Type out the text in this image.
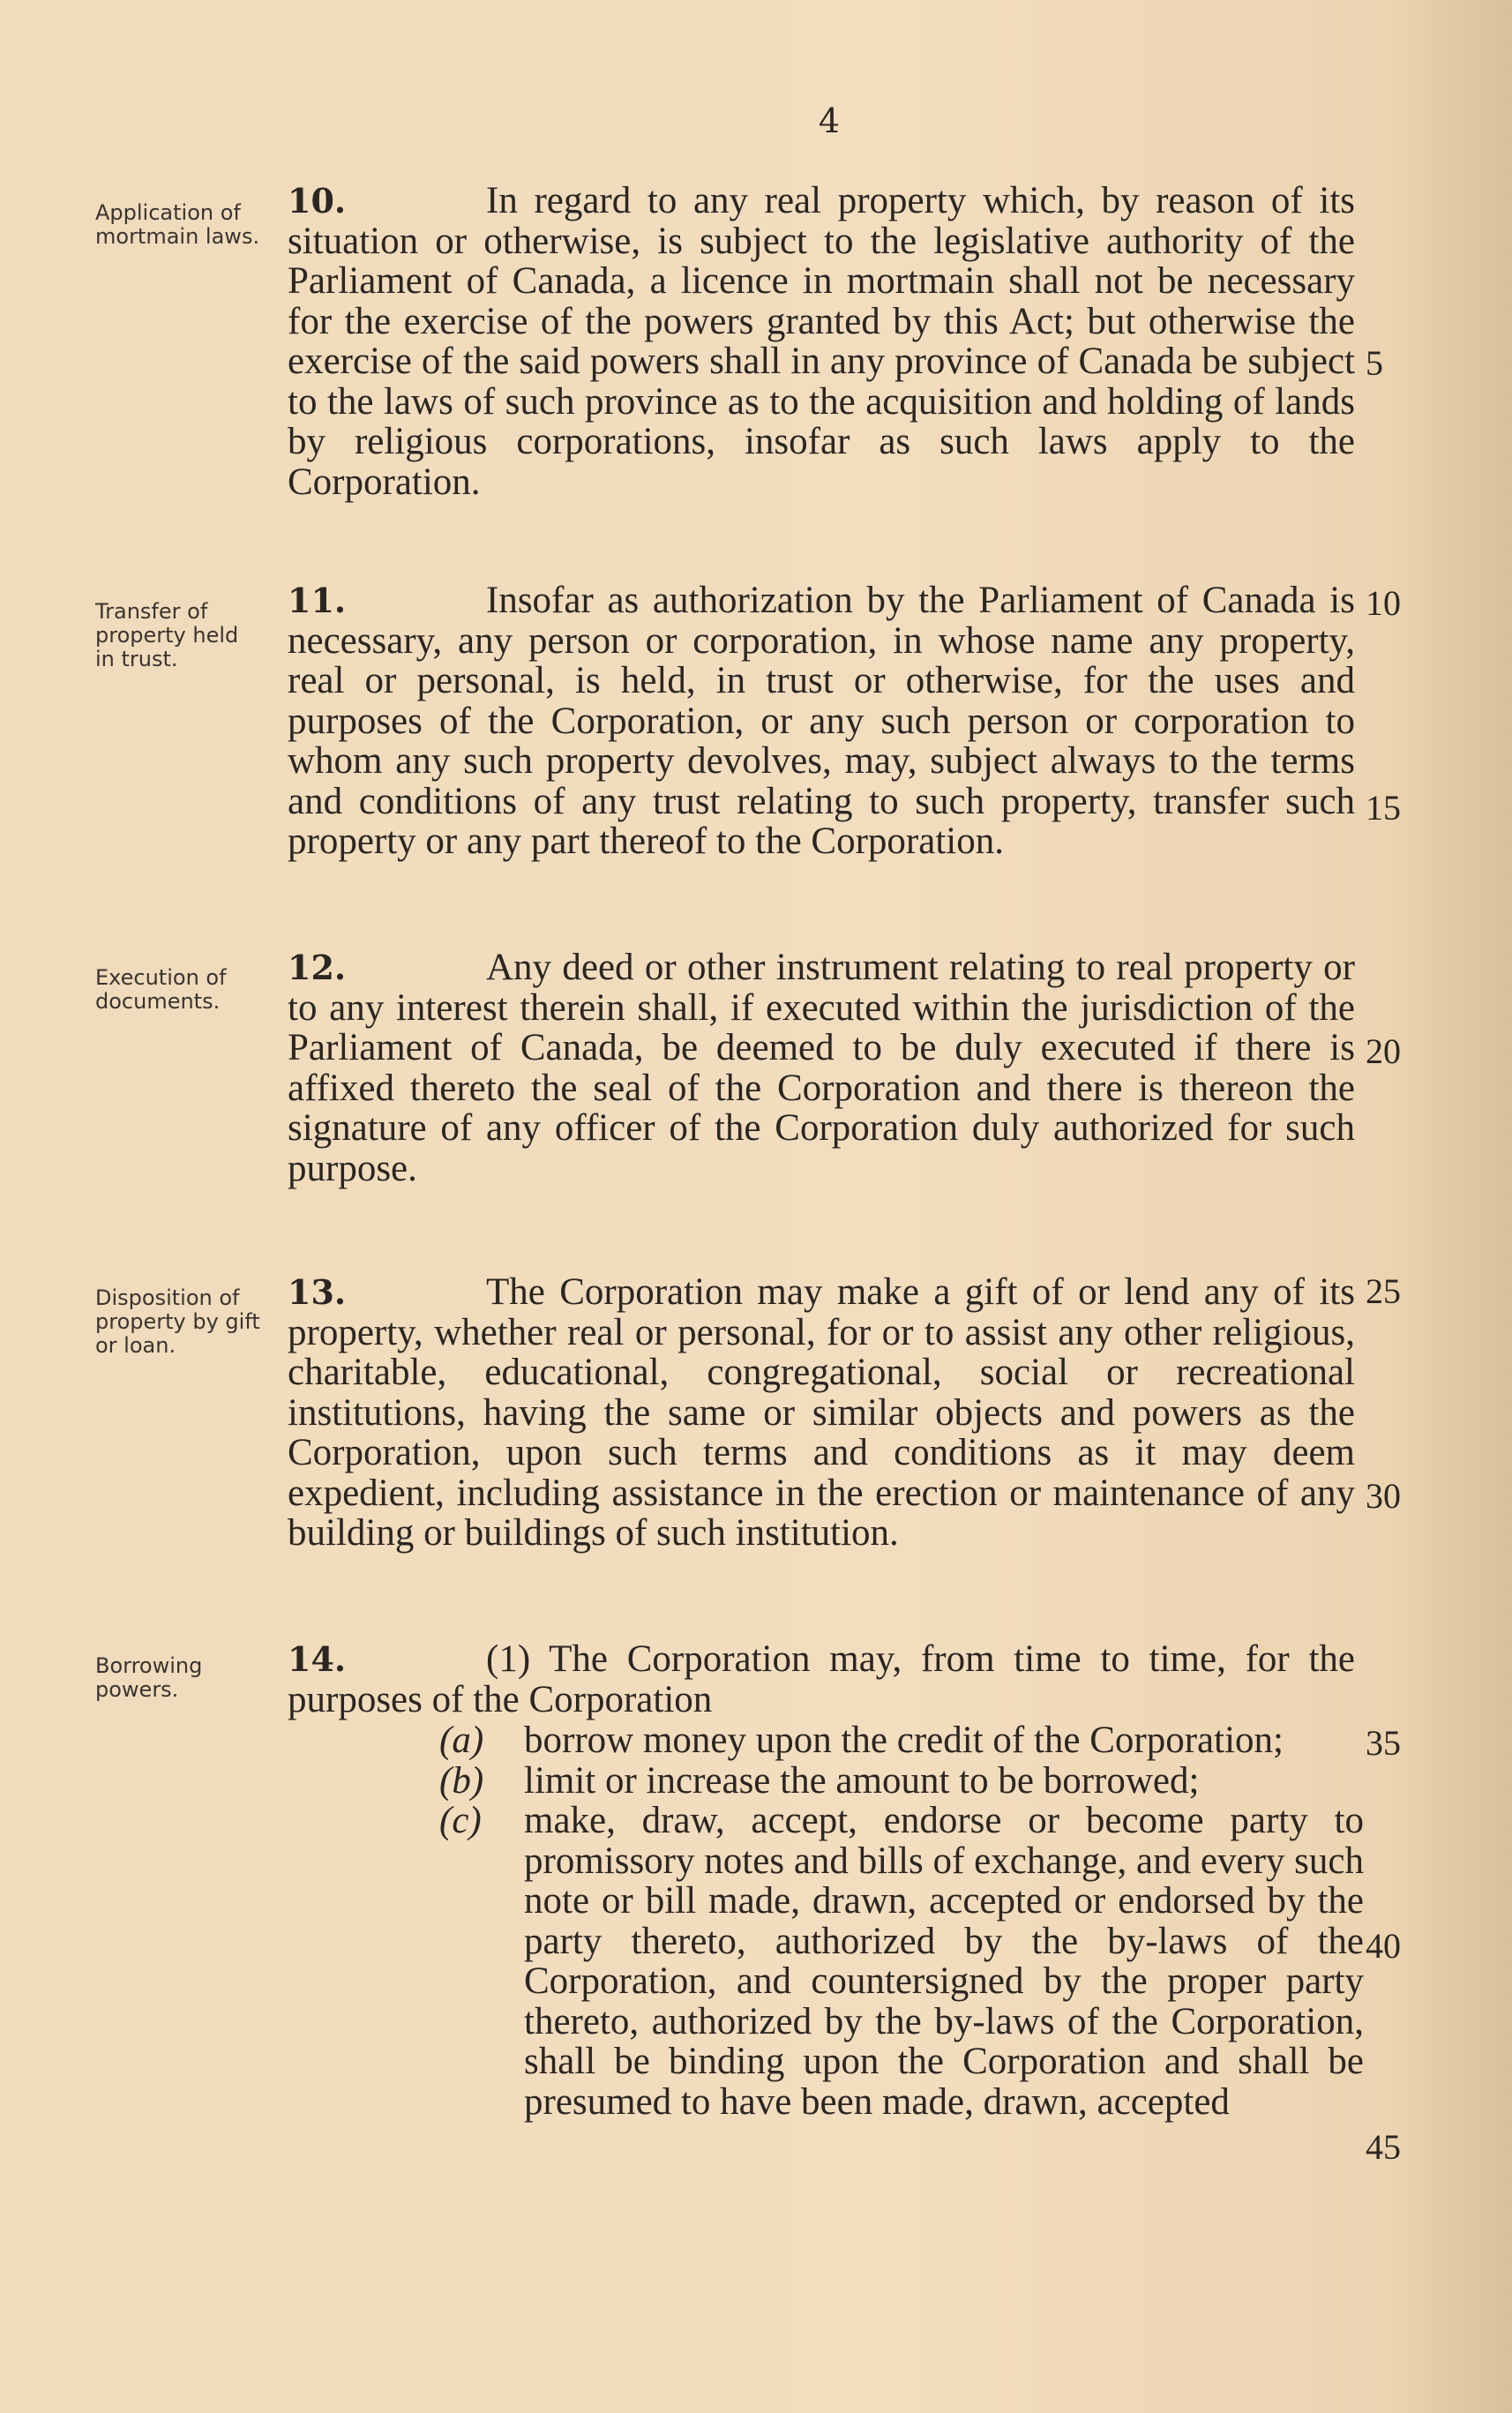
4
Application of mortmain laws.
10.	In regard to any real property which, by reason of its situation or otherwise, is subject to the legislative authority of the Parliament of Canada, a licence in mortmain shall not be necessary for the exercise of the powers granted by this Act; but otherwise the exercise of the said powers shall in any province of Canada be subject to the laws of such province as to the acquisition and holding of lands by religious corporations, insofar as such laws apply to the Corporation.
Transfer of property held in trust.
11.	Insofar as authorization by the Parliament of Canada is necessary, any person or corporation, in whose name any property, real or personal, is held, in trust or otherwise, for the uses and purposes of the Corporation, or any such person or corporation to whom any such property devolves, may, subject always to the terms and conditions of any trust relating to such property, transfer such property or any part thereof to the Corporation.
Execution of documents.
12.	Any deed or other instrument relating to real property or to any interest therein shall, if executed within the jurisdiction of the Parliament of Canada, be deemed to be duly executed if there is affixed thereto the seal of the Corporation and there is thereon the signature of any officer of the Corporation duly authorized for such purpose.
Disposition of property by gift or loan.
13.	The Corporation may make a gift of or lend any of its property, whether real or personal, for or to assist any other religious, charitable, educational, congregational, social or recreational institutions, having the same or similar objects and powers as the Corporation, upon such terms and conditions as it may deem expedient, including assistance in the erection or maintenance of any building or buildings of such institution.
Borrowing powers.
14.	(1) The Corporation may, from time to time, for the purposes of the Corporation
(a) borrow money upon the credit of the Corporation;
(b) limit or increase the amount to be borrowed;
(c) make, draw, accept, endorse or become party to promissory notes and bills of exchange, and every such note or bill made, drawn, accepted or endorsed by the party thereto, authorized by the by-laws of the Corporation, and countersigned by the proper party thereto, authorized by the by-laws of the Corporation, shall be binding upon the Corporation and shall be presumed to have been made, drawn, accepted
5
10
15
20
25
30
35
40
45
